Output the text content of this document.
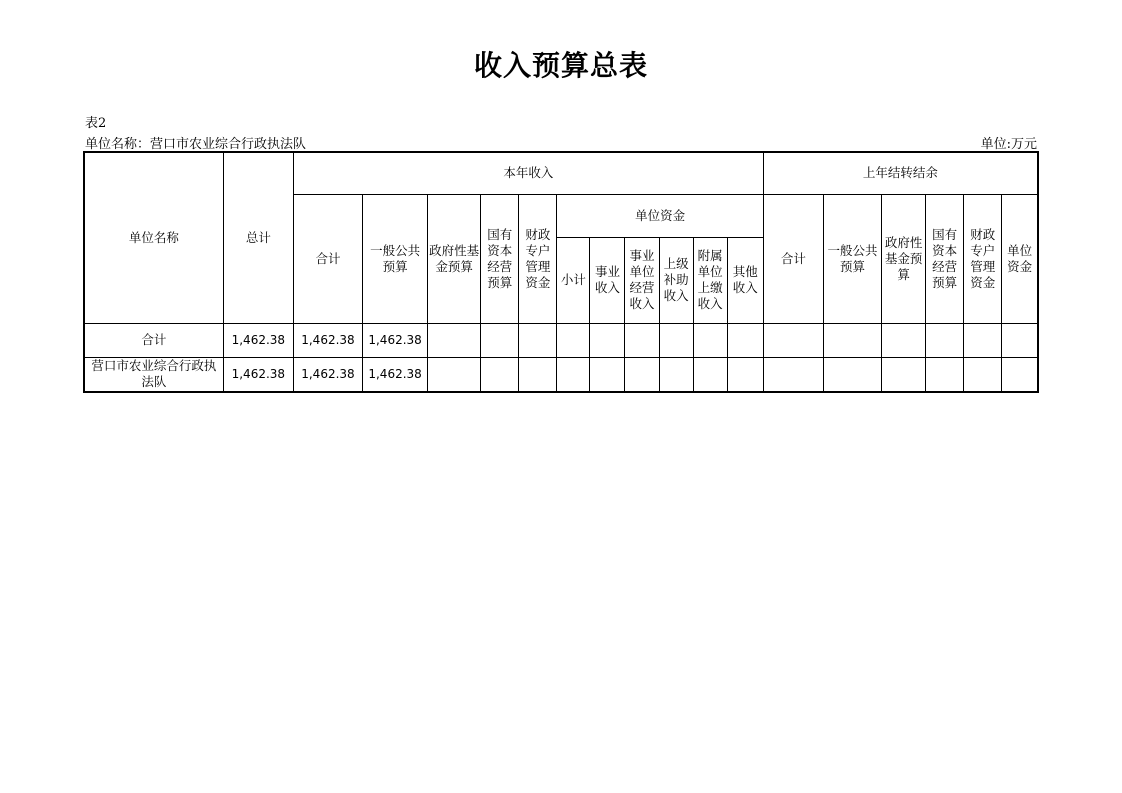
收入预算总表
表2
单位名称：营口市农业综合行政执法队	单位:万元
单位名称	总计	本年收入											上年结转结余					
		合计	一般公共预算	政府性基金预算	国有资本经营预算	财政专户管理资金	单位资金						合计	一般公共预算	政府性基金预算	国有资本经营预算	财政专户管理资金	单位资金
							小计	事业收入	事业单位经营收入	上级补助收入	附属单位上缴收入	其他收入						
合计	1,462.38	1,462.38	1,462.38															
营口市农业综合行政执法队	1,462.38	1,462.38	1,462.38															
